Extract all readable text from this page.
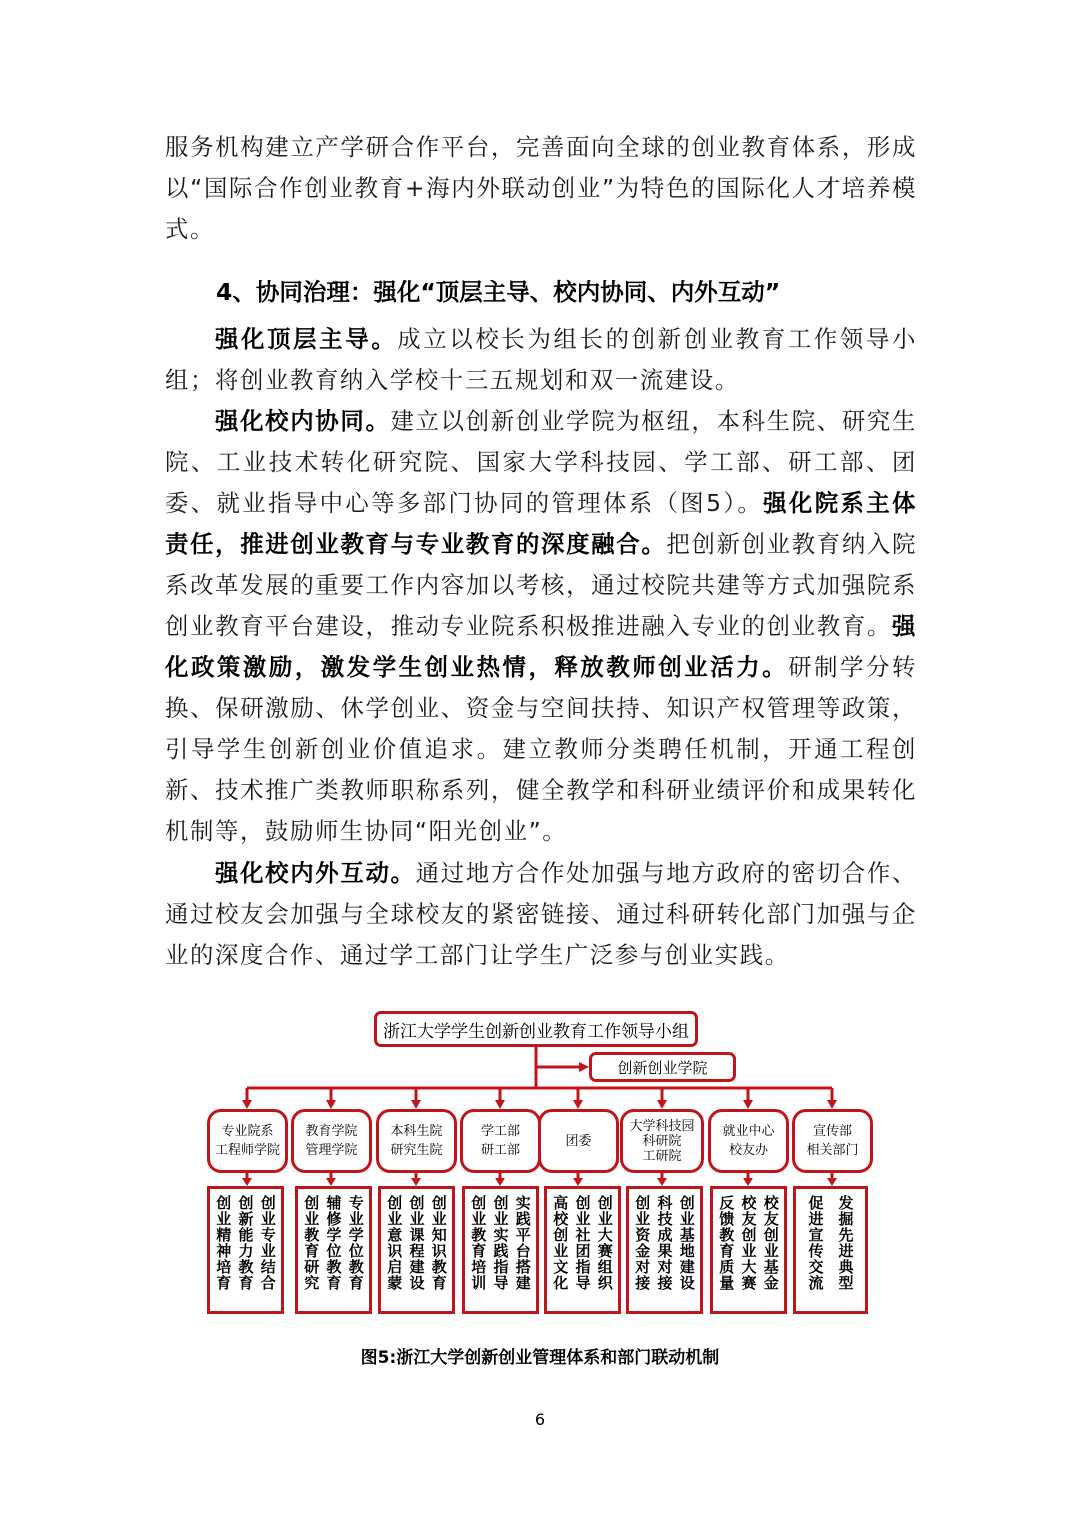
服务机构建立产学研合作平台，完善面向全球的创业教育体系，形成以“国际合作创业教育+海内外联动创业”为特色的国际化人才培养模式。

4、协同治理：强化“顶层主导、校内协同、内外互动”

强化顶层主导。成立以校长为组长的创新创业教育工作领导小组；将创业教育纳入学校十三五规划和双一流建设。

强化校内协同。建立以创新创业学院为枢纽，本科生院、研究生院、工业技术转化研究院、国家大学科技园、学工部、研工部、团委、就业指导中心等多部门协同的管理体系（图5）。强化院系主体责任，推进创业教育与专业教育的深度融合。把创新创业教育纳入院系改革发展的重要工作内容加以考核，通过校院共建等方式加强院系创业教育平台建设，推动专业院系积极推进融入专业的创业教育。强化政策激励，激发学生创业热情，释放教师创业活力。研制学分转换、保研激励、休学创业、资金与空间扶持、知识产权管理等政策，引导学生创新创业价值追求。建立教师分类聘任机制，开通工程创新、技术推广类教师职称系列，健全教学和科研业绩评价和成果转化机制等，鼓励师生协同“阳光创业”。

强化校内外互动。通过地方合作处加强与地方政府的密切合作、通过校友会加强与全球校友的紧密链接、通过科研转化部门加强与企业的深度合作、通过学工部门让学生广泛参与创业实践。

浙江大学学生创新创业教育工作领导小组
创新创业学院
专业院系
工程师学院
教育学院
管理学院
本科生院
研究生院
学工部
研工部
团委
大学科技园
科研院
工研院
就业中心
校友办
宣传部
相关部门
创业专业结合
创新能力教育
创业精神培育	专业学位教育
辅修学位教育
创业教育研究	创业知识教育
创业课程建设
创业意识启蒙	实践平台搭建
创业实践指导
创业教育培训	创业大赛组织
创业社团指导
高校创业文化	创业基地建设
科技成果对接
创业资金对接	校友创业基金
校友创业大赛
反馈教育质量	发掘先进典型
促进宣传交流
图5:浙江大学创新创业管理体系和部门联动机制
6
